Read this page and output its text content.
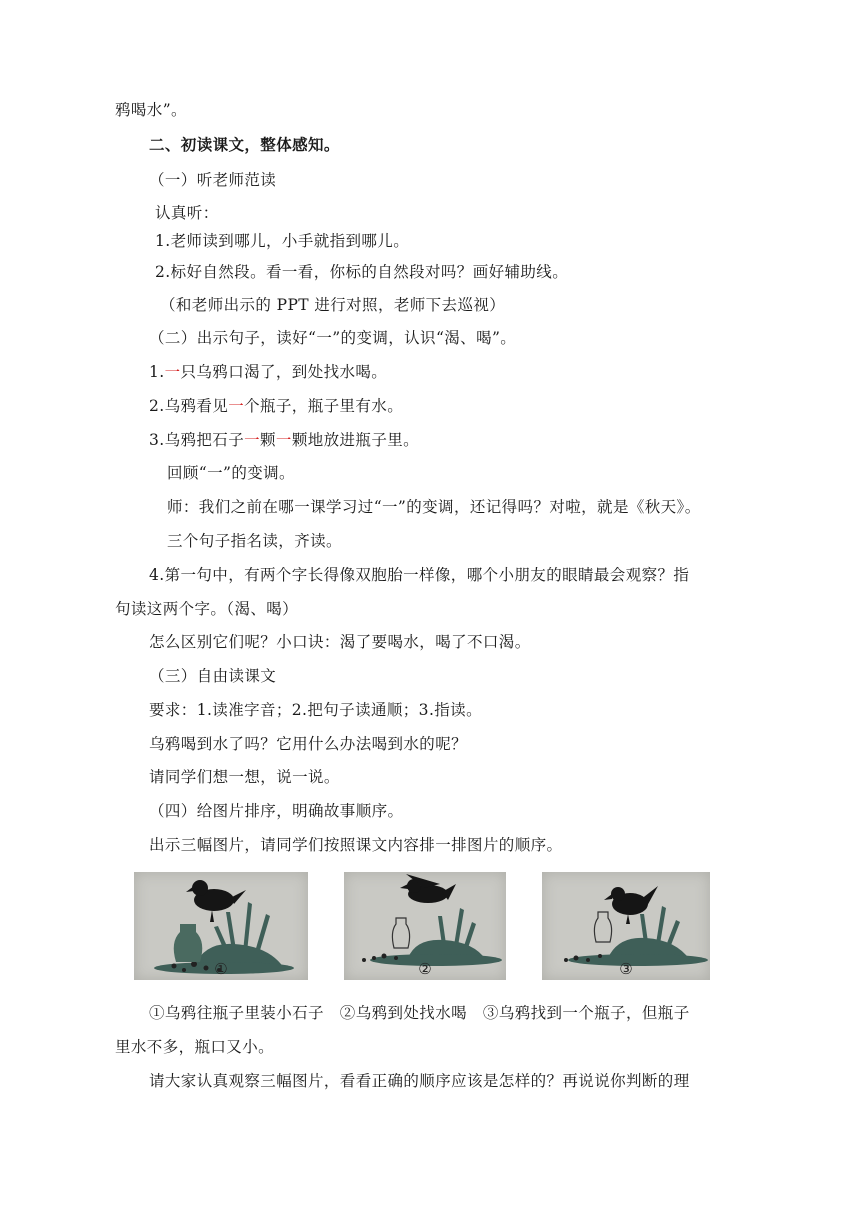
鸦喝水”。
二、初读课文，整体感知。
（一）听老师范读
认真听：
1.老师读到哪儿，小手就指到哪儿。
2.标好自然段。看一看，你标的自然段对吗？画好辅助线。
（和老师出示的 PPT 进行对照，老师下去巡视）
（二）出示句子，读好“一”的变调，认识“渴、喝”。
1.一只乌鸦口渴了，到处找水喝。
2.乌鸦看见一个瓶子，瓶子里有水。
3.乌鸦把石子一颗一颗地放进瓶子里。
回顾“一”的变调。
师：我们之前在哪一课学习过“一”的变调，还记得吗？对啦，就是《秋天》。
三个句子指名读，齐读。
4.第一句中，有两个字长得像双胞胎一样像，哪个小朋友的眼睛最会观察？指
句读这两个字。（渴、喝）
怎么区别它们呢？小口诀：渴了要喝水，喝了不口渴。
（三）自由读课文
要求：1.读准字音；2.把句子读通顺；3.指读。
乌鸦喝到水了吗？它用什么办法喝到水的呢？
请同学们想一想，说一说。
（四）给图片排序，明确故事顺序。
出示三幅图片，请同学们按照课文内容排一排图片的顺序。
①	②	③
①乌鸦往瓶子里装小石子　②乌鸦到处找水喝　③乌鸦找到一个瓶子，但瓶子
里水不多，瓶口又小。
请大家认真观察三幅图片，看看正确的顺序应该是怎样的？再说说你判断的理
